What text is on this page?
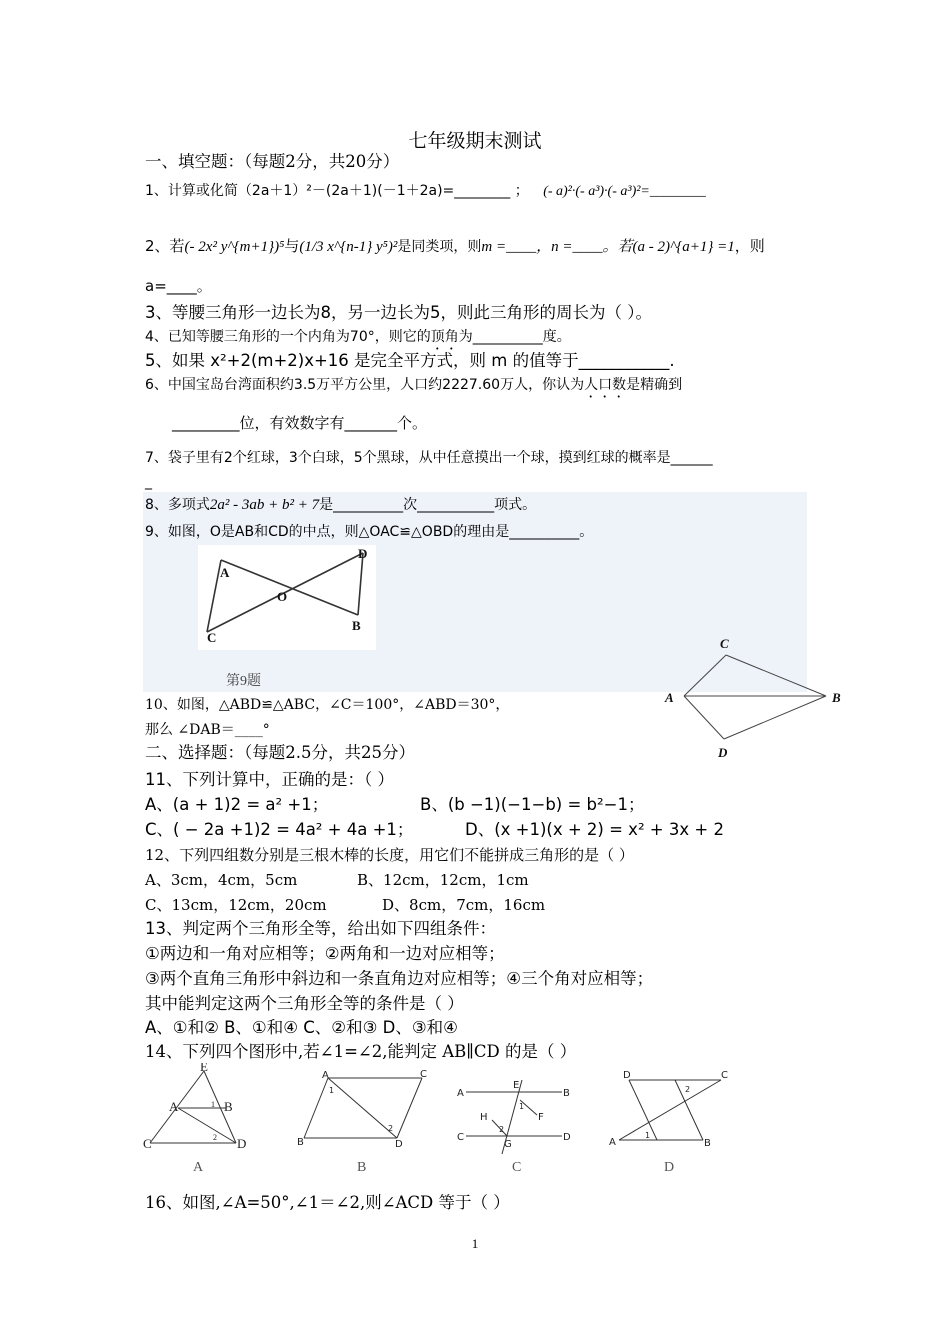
七年级期末测试
一、填空题：（每题2分，共20分）
1、计算或化简（2a＋1）²－(2a＋1)(－1＋2a)=________ ； (- a)²·(- a³)·(- a³)²=________
2、若(- 2x² y^{m+1})⁵与(1/3 x^{n-1} y⁵)²是同类项，则m =____，n =____。若(a - 2)^{a+1} =1，则
a=____。
3、等腰三角形一边长为8，另一边长为5，则此三角形的周长为（ ）。
4、已知等腰三角形的一个内角为70°，则它的顶角为__________度。
5、如果 x²+2(m+2)x+16 是完全平方式，则 m 的值等于___________.
6、中国宝岛台湾面积约3.5万平方公里，人口约2227.60万人，你认为人口数是精确到
_________位，有效数字有_______个。
7、袋子里有2个红球，3个白球，5个黑球，从中任意摸出一个球，摸到红球的概率是______
_
8、多项式2a² - 3ab + b² + 7是__________次___________项式。
9、如图，O是AB和CD的中点，则△OAC≌△OBD的理由是__________。
A
D
O
C
B
第9题
C
A	B
D
10、如图，△ABD≌△ABC，∠C＝100°，∠ABD＝30°，
那么 ∠DAB＝____°
二、选择题：（每题2.5分，共25分）
11、下列计算中，正确的是：（ ）
A、(a + 1)2 = a² +1；	B、(b −1)(−1−b) = b²−1；
C、( − 2a +1)2 = 4a² + 4a +1；	D、(x +1)(x + 2) = x² + 3x + 2
12、下列四组数分别是三根木棒的长度，用它们不能拼成三角形的是（ ）
A、3cm，4cm，5cm	B、12cm，12cm，1cm
C、13cm，12cm，20cm	D、8cm，7cm，16cm
13、判定两个三角形全等，给出如下四组条件：
①两边和一角对应相等；②两角和一边对应相等；
③两个直角三角形中斜边和一条直角边对应相等；④三个角对应相等；
其中能判定这两个三角形全等的条件是（ ）
A、①和② B、①和④ C、②和③ D、③和④
14、下列四个图形中,若∠1=∠2,能判定 AB∥CD 的是（ ）
E
A	B
C	D
1
2
A	C
B	D
1
2
A	B
E
F
H
C	D
G
1
2
D	C
A	B
2
1
A	B	C	D
16、如图,∠A=50°,∠1＝∠2,则∠ACD 等于（ ）
1
